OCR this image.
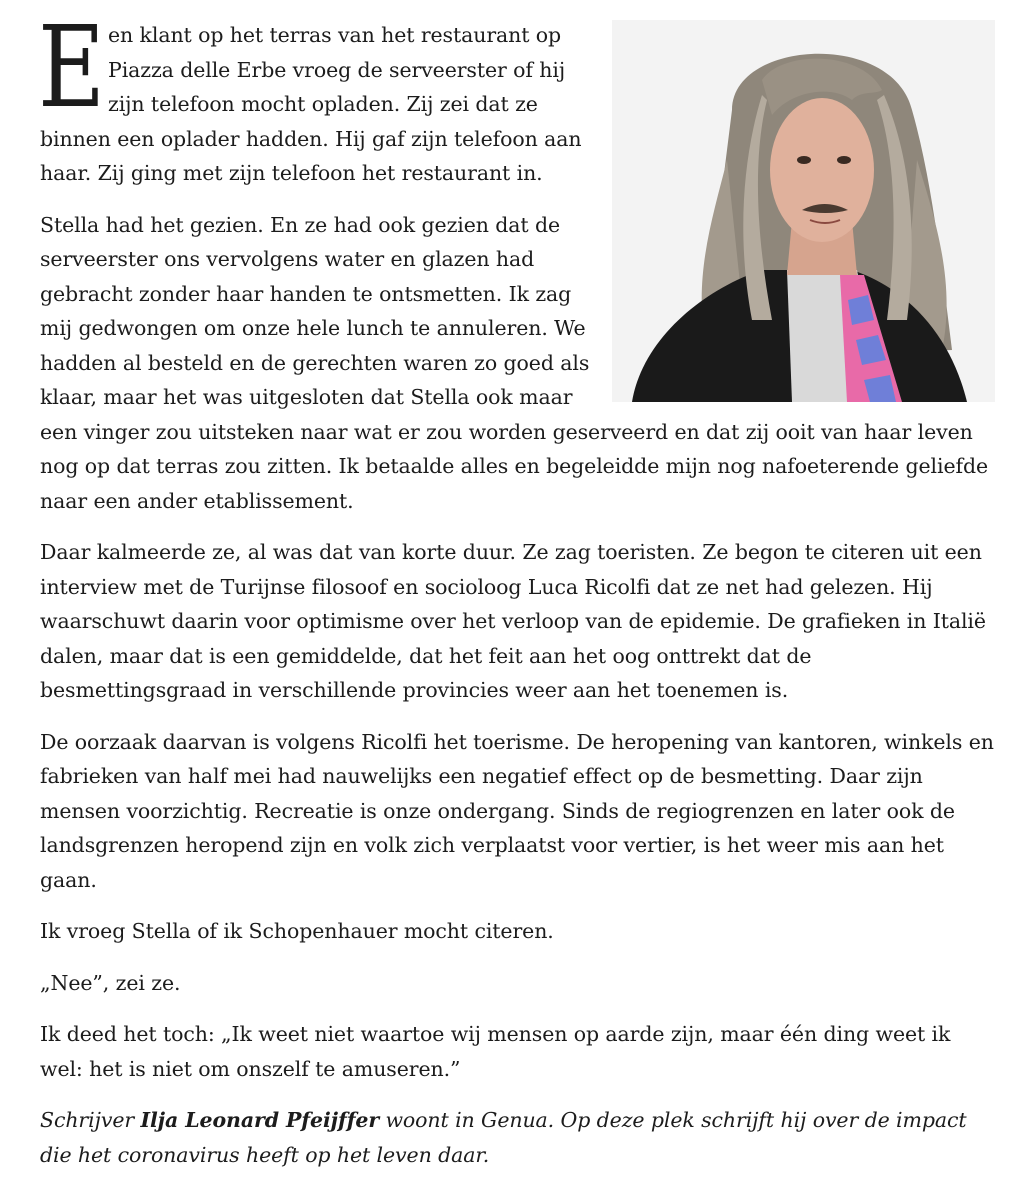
Een klant op het terras van het restaurant op Piazza delle Erbe vroeg de serveerster of hij zijn telefoon mocht opladen. Zij zei dat ze binnen een oplader hadden. Hij gaf zijn telefoon aan haar. Zij ging met zijn telefoon het restaurant in.

Stella had het gezien. En ze had ook gezien dat de serveerster ons vervolgens water en glazen had gebracht zonder haar handen te ontsmetten. Ik zag mij gedwongen om onze hele lunch te annuleren. We hadden al besteld en de gerechten waren zo goed als klaar, maar het was uitgesloten dat Stella ook maar een vinger zou uitsteken naar wat er zou worden geserveerd en dat zij ooit van haar leven nog op dat terras zou zitten. Ik betaalde alles en begeleidde mijn nog nafoeterende geliefde naar een ander etablissement.

Daar kalmeerde ze, al was dat van korte duur. Ze zag toeristen. Ze begon te citeren uit een interview met de Turijnse filosoof en socioloog Luca Ricolfi dat ze net had gelezen. Hij waarschuwt daarin voor optimisme over het verloop van de epidemie. De grafieken in Italië dalen, maar dat is een gemiddelde, dat het feit aan het oog onttrekt dat de besmettingsgraad in verschillende provincies weer aan het toenemen is.

De oorzaak daarvan is volgens Ricolfi het toerisme. De heropening van kantoren, winkels en fabrieken van half mei had nauwelijks een negatief effect op de besmetting. Daar zijn mensen voorzichtig. Recreatie is onze ondergang. Sinds de regiogrenzen en later ook de landsgrenzen heropend zijn en volk zich verplaatst voor vertier, is het weer mis aan het gaan.

Ik vroeg Stella of ik Schopenhauer mocht citeren.

„Nee”, zei ze.

Ik deed het toch: „Ik weet niet waartoe wij mensen op aarde zijn, maar één ding weet ik wel: het is niet om onszelf te amuseren.”

Schrijver Ilja Leonard Pfeijffer woont in Genua. Op deze plek schrijft hij over de impact die het coronavirus heeft op het leven daar.
